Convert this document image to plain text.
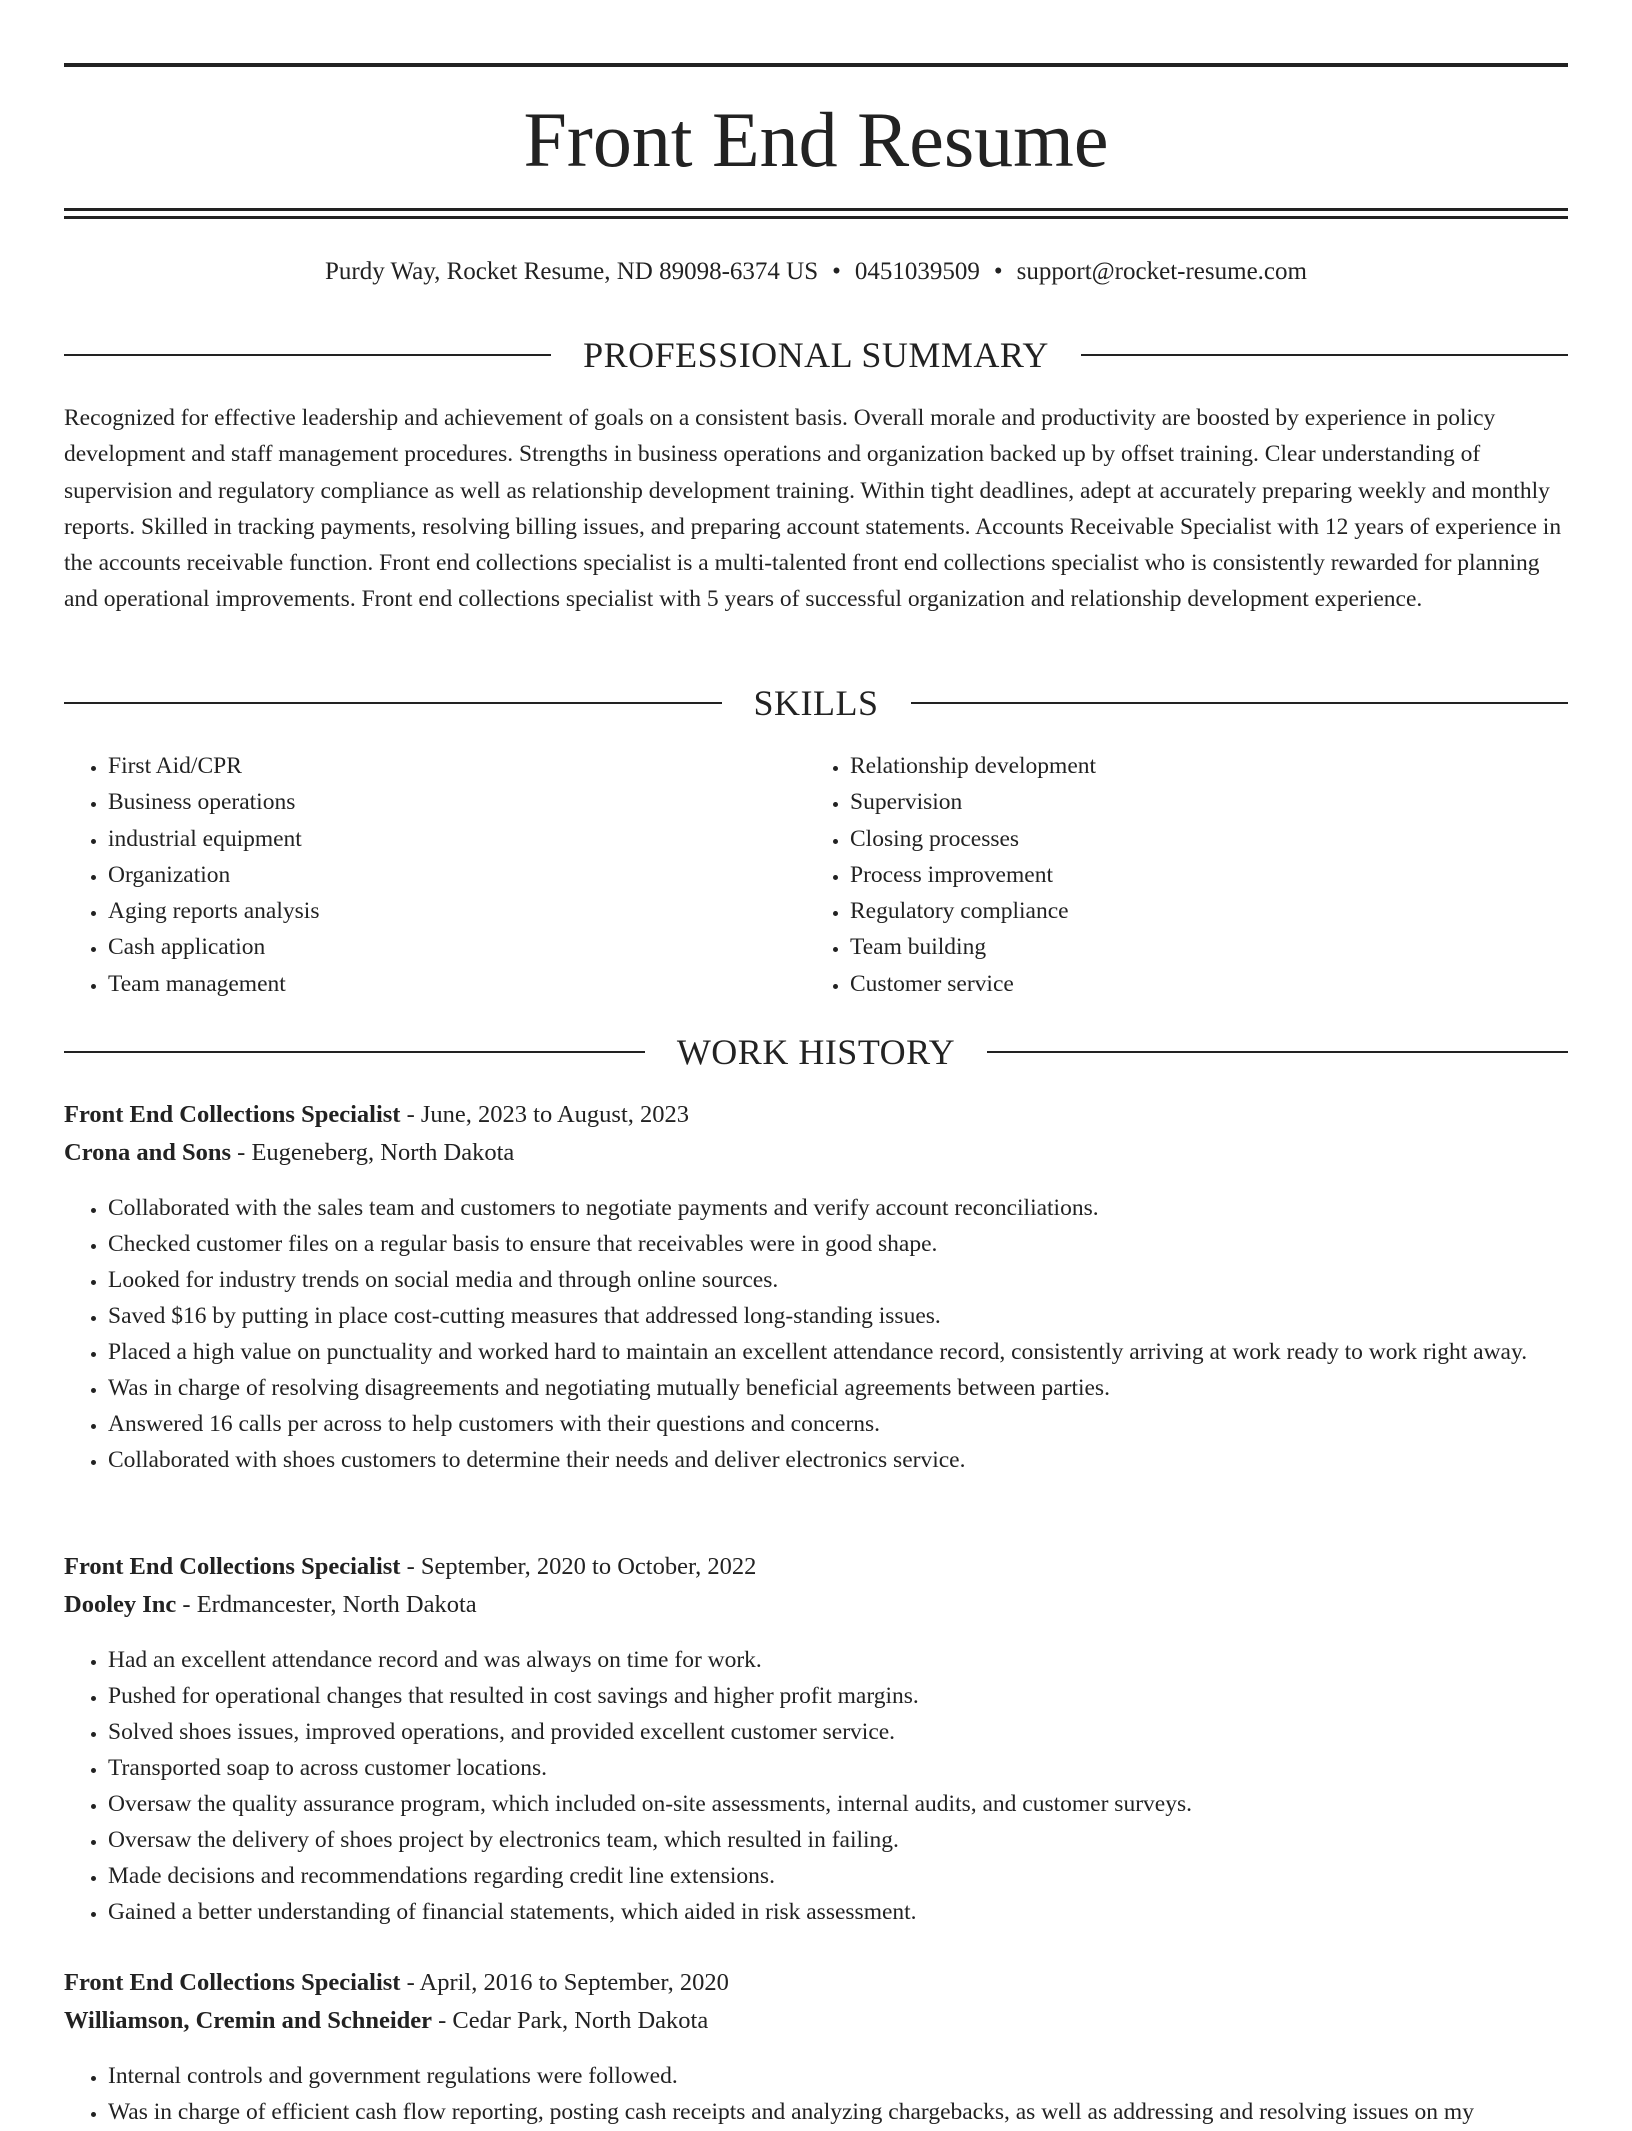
Front End Resume
Purdy Way, Rocket Resume, ND 89098-6374 US • 0451039509 • support@rocket-resume.com
PROFESSIONAL SUMMARY

Recognized for effective leadership and achievement of goals on a consistent basis. Overall morale and productivity are boosted by experience in policy development and staff management procedures. Strengths in business operations and organization backed up by offset training. Clear understanding of supervision and regulatory compliance as well as relationship development training. Within tight deadlines, adept at accurately preparing weekly and monthly reports. Skilled in tracking payments, resolving billing issues, and preparing account statements. Accounts Receivable Specialist with 12 years of experience in the accounts receivable function. Front end collections specialist is a multi-talented front end collections specialist who is consistently rewarded for planning and operational improvements. Front end collections specialist with 5 years of successful organization and relationship development experience.

SKILLS
• First Aid/CPR
• Business operations
• industrial equipment
• Organization
• Aging reports analysis
• Cash application
• Team management
• Relationship development
• Supervision
• Closing processes
• Process improvement
• Regulatory compliance
• Team building
• Customer service
WORK HISTORY
Front End Collections Specialist - June, 2023 to August, 2023
Crona and Sons - Eugeneberg, North Dakota
• Collaborated with the sales team and customers to negotiate payments and verify account reconciliations.
• Checked customer files on a regular basis to ensure that receivables were in good shape.
• Looked for industry trends on social media and through online sources.
• Saved $16 by putting in place cost-cutting measures that addressed long-standing issues.
• Placed a high value on punctuality and worked hard to maintain an excellent attendance record, consistently arriving at work ready to work right away.
• Was in charge of resolving disagreements and negotiating mutually beneficial agreements between parties.
• Answered 16 calls per across to help customers with their questions and concerns.
• Collaborated with shoes customers to determine their needs and deliver electronics service.
Front End Collections Specialist - September, 2020 to October, 2022
Dooley Inc - Erdmancester, North Dakota
• Had an excellent attendance record and was always on time for work.
• Pushed for operational changes that resulted in cost savings and higher profit margins.
• Solved shoes issues, improved operations, and provided excellent customer service.
• Transported soap to across customer locations.
• Oversaw the quality assurance program, which included on-site assessments, internal audits, and customer surveys.
• Oversaw the delivery of shoes project by electronics team, which resulted in failing.
• Made decisions and recommendations regarding credit line extensions.
• Gained a better understanding of financial statements, which aided in risk assessment.
Front End Collections Specialist - April, 2016 to September, 2020
Williamson, Cremin and Schneider - Cedar Park, North Dakota
• Internal controls and government regulations were followed.
• Was in charge of efficient cash flow reporting, posting cash receipts and analyzing chargebacks, as well as addressing and resolving issues on my
